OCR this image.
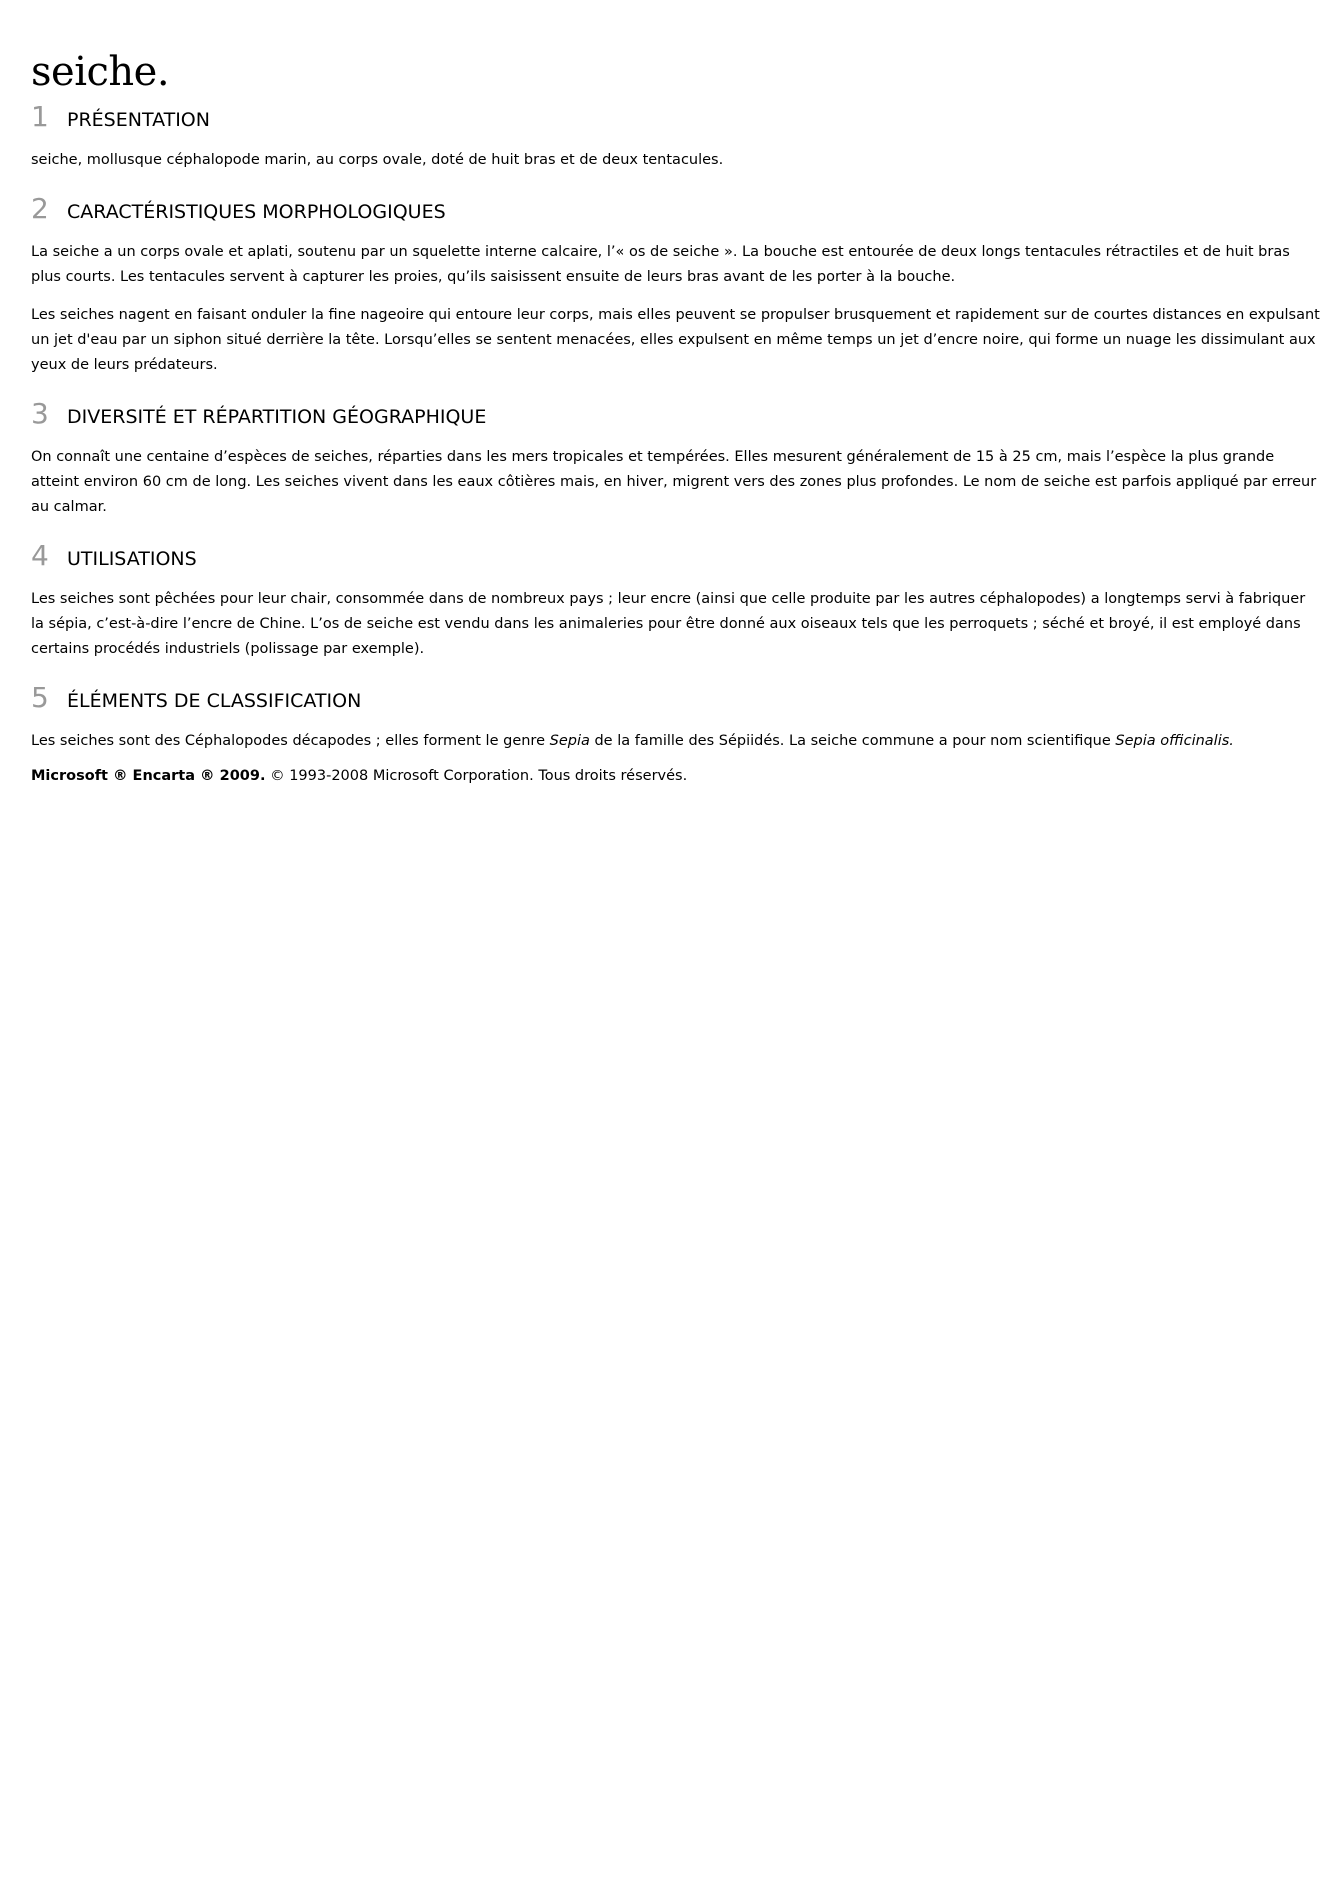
seiche.
1 PRÉSENTATION

seiche, mollusque céphalopode marin, au corps ovale, doté de huit bras et de deux tentacules.

2 CARACTÉRISTIQUES MORPHOLOGIQUES

La seiche a un corps ovale et aplati, soutenu par un squelette interne calcaire, l’« os de seiche ». La bouche est entourée de deux longs tentacules rétractiles et de huit bras plus courts. Les tentacules servent à capturer les proies, qu’ils saisissent ensuite de leurs bras avant de les porter à la bouche.

Les seiches nagent en faisant onduler la fine nageoire qui entoure leur corps, mais elles peuvent se propulser brusquement et rapidement sur de courtes distances en expulsant un jet d'eau par un siphon situé derrière la tête. Lorsqu’elles se sentent menacées, elles expulsent en même temps un jet d’encre noire, qui forme un nuage les dissimulant aux yeux de leurs prédateurs.

3 DIVERSITÉ ET RÉPARTITION GÉOGRAPHIQUE

On connaît une centaine d’espèces de seiches, réparties dans les mers tropicales et tempérées. Elles mesurent généralement de 15 à 25 cm, mais l’espèce la plus grande atteint environ 60 cm de long. Les seiches vivent dans les eaux côtières mais, en hiver, migrent vers des zones plus profondes. Le nom de seiche est parfois appliqué par erreur au calmar.

4 UTILISATIONS

Les seiches sont pêchées pour leur chair, consommée dans de nombreux pays ; leur encre (ainsi que celle produite par les autres céphalopodes) a longtemps servi à fabriquer la sépia, c’est-à-dire l’encre de Chine. L’os de seiche est vendu dans les animaleries pour être donné aux oiseaux tels que les perroquets ; séché et broyé, il est employé dans certains procédés industriels (polissage par exemple).

5 ÉLÉMENTS DE CLASSIFICATION

Les seiches sont des Céphalopodes décapodes ; elles forment le genre Sepia de la famille des Sépiidés. La seiche commune a pour nom scientifique Sepia officinalis.

Microsoft ® Encarta ® 2009. © 1993-2008 Microsoft Corporation. Tous droits réservés.
